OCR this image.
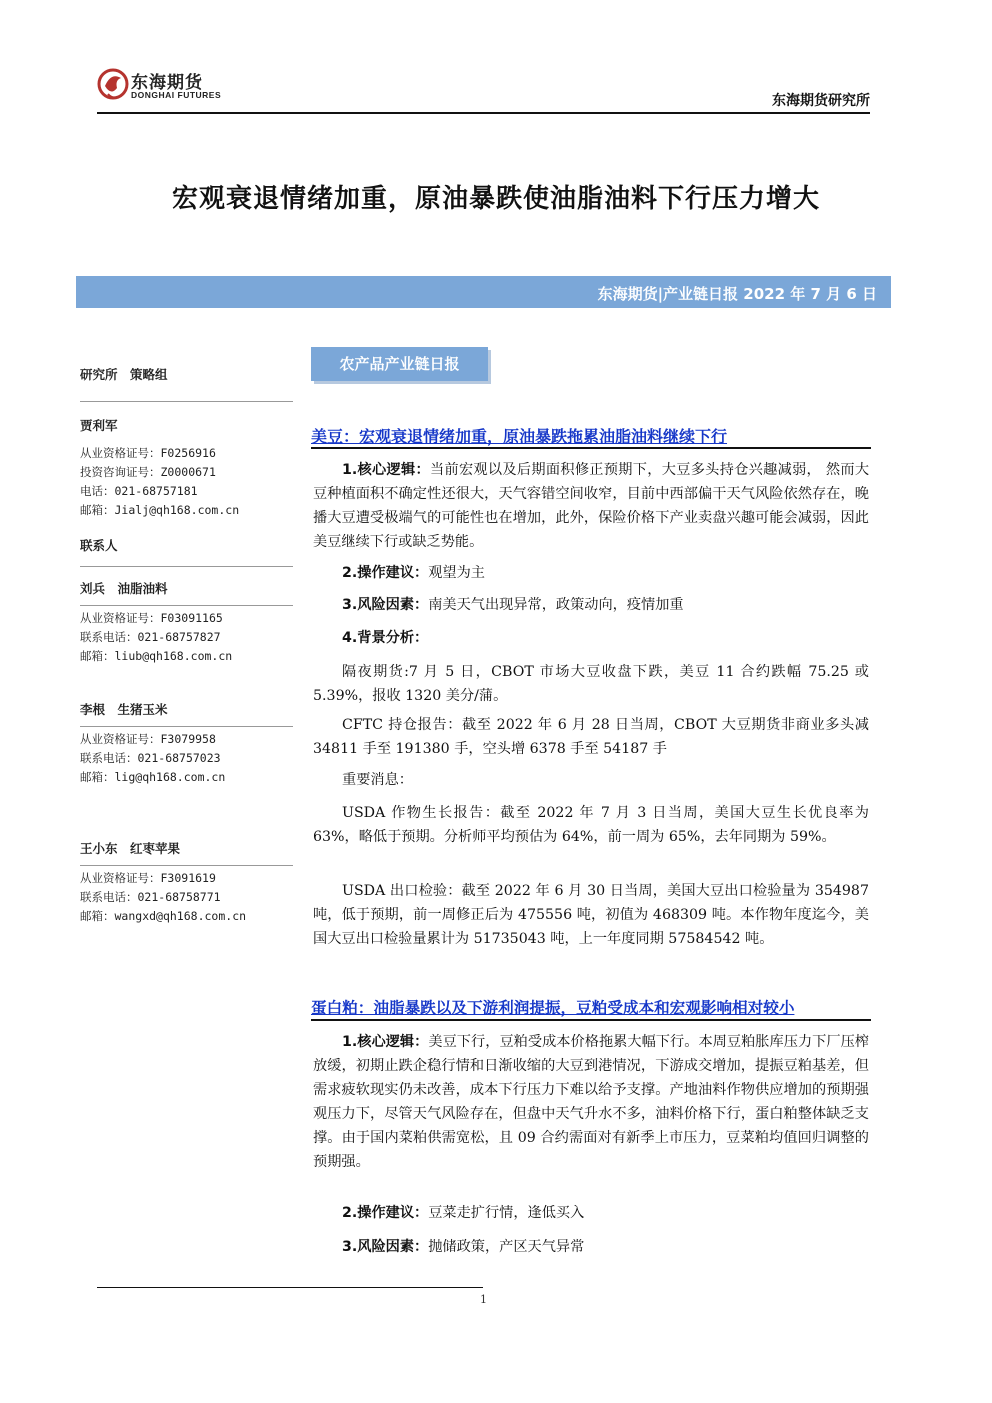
东海期货
DONGHAI FUTURES	东海期货研究所
宏观衰退情绪加重，原油暴跌使油脂油料下行压力增大
东海期货|产业链日报 2022 年 7 月 6 日
研究所　策略组
贾利军
从业资格证号：F0256916
投资咨询证号：Z0000671
电话：021-68757181
邮箱：Jialj@qh168.com.cn
联系人
刘兵　油脂油料
从业资格证号：F03091165
联系电话：021-68757827
邮箱：liub@qh168.com.cn
李根　生猪玉米
从业资格证号：F3079958
联系电话：021-68757023
邮箱：lig@qh168.com.cn
王小东　红枣苹果
从业资格证号：F3091619
联系电话：021-68758771
邮箱：wangxd@qh168.com.cn
农产品产业链日报
美豆：宏观衰退情绪加重，原油暴跌拖累油脂油料继续下行
1.核心逻辑：当前宏观以及后期面积修正预期下，大豆多头持仓兴趣减弱， 然而大豆种植面积不确定性还很大，天气容错空间收窄，目前中西部偏干天气风险依然存在，晚播大豆遭受极端气的可能性也在增加，此外，保险价格下产业卖盘兴趣可能会减弱，因此美豆继续下行或缺乏势能。
2.操作建议：观望为主
3.风险因素：南美天气出现异常，政策动向，疫情加重
4.背景分析：
隔夜期货:7 月 5 日，CBOT 市场大豆收盘下跌，美豆 11 合约跌幅 75.25 或 5.39%，报收 1320 美分/蒲。
CFTC 持仓报告：截至 2022 年 6 月 28 日当周，CBOT 大豆期货非商业多头减 34811 手至 191380 手，空头增 6378 手至 54187 手
重要消息：
USDA 作物生长报告：截至 2022 年 7 月 3 日当周，美国大豆生长优良率为 63%，略低于预期。分析师平均预估为 64%，前一周为 65%，去年同期为 59%。
USDA 出口检验：截至 2022 年 6 月 30 日当周，美国大豆出口检验量为 354987 吨，低于预期，前一周修正后为 475556 吨，初值为 468309 吨。本作物年度迄今，美国大豆出口检验量累计为 51735043 吨，上一年度同期 57584542 吨。
蛋白粕：油脂暴跌以及下游利润提振，豆粕受成本和宏观影响相对较小
1.核心逻辑：美豆下行，豆粕受成本价格拖累大幅下行。本周豆粕胀库压力下厂压榨放缓，初期止跌企稳行情和日渐收缩的大豆到港情况，下游成交增加，提振豆粕基差，但需求疲软现实仍未改善，成本下行压力下难以给予支撑。产地油料作物供应增加的预期强观压力下，尽管天气风险存在，但盘中天气升水不多，油料价格下行，蛋白粕整体缺乏支撑。由于国内菜粕供需宽松，且 09 合约需面对有新季上市压力，豆菜粕均值回归调整的预期强。
2.操作建议：豆菜走扩行情，逢低买入
3.风险因素：抛储政策，产区天气异常
1
